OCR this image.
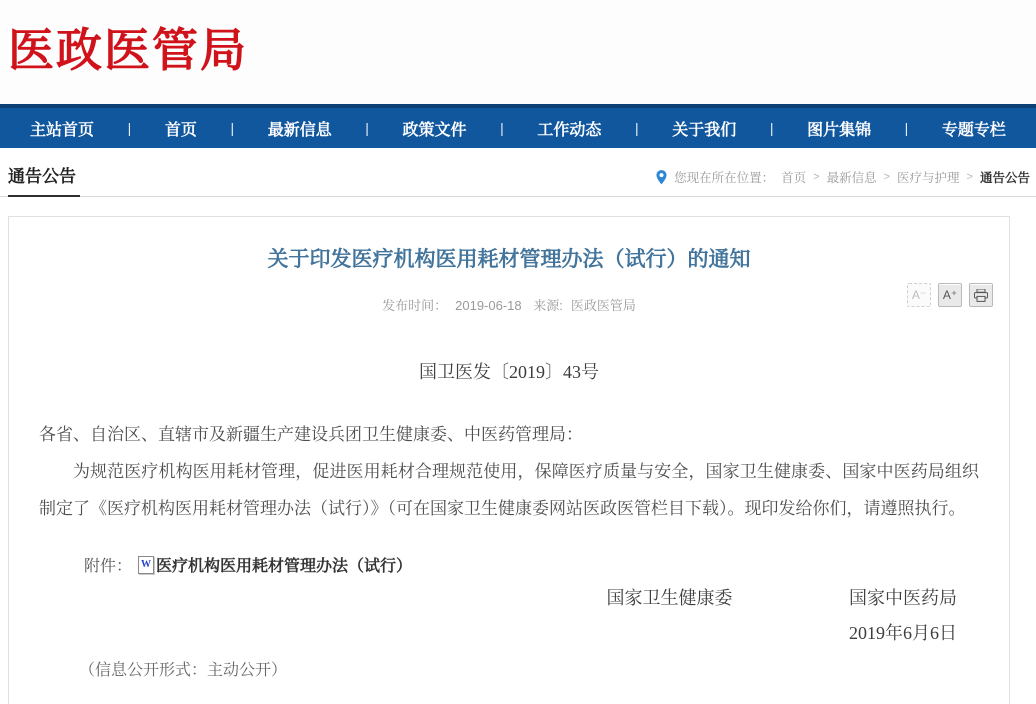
医政医管局
主站首页 | 首页 | 最新信息 | 政策文件 | 工作动态 | 关于我们 | 图片集锦 | 专题专栏
通告公告	您现在所在位置： 首页 > 最新信息 > 医疗与护理 > 通告公告
关于印发医疗机构医用耗材管理办法（试行）的通知
发布时间： 2019-06-18 来源: 医政医管局
A⁻	A⁺

国卫医发〔2019〕43号

各省、自治区、直辖市及新疆生产建设兵团卫生健康委、中医药管理局：

为规范医疗机构医用耗材管理，促进医用耗材合理规范使用，保障医疗质量与安全，国家卫生健康委、国家中医药局组织制定了《医疗机构医用耗材管理办法（试行）》（可在国家卫生健康委网站医政医管栏目下载）。现印发给你们，请遵照执行。

附件： W 医疗机构医用耗材管理办法（试行）
国家卫生健康委	国家中医药局
2019年6月6日

（信息公开形式：主动公开）
